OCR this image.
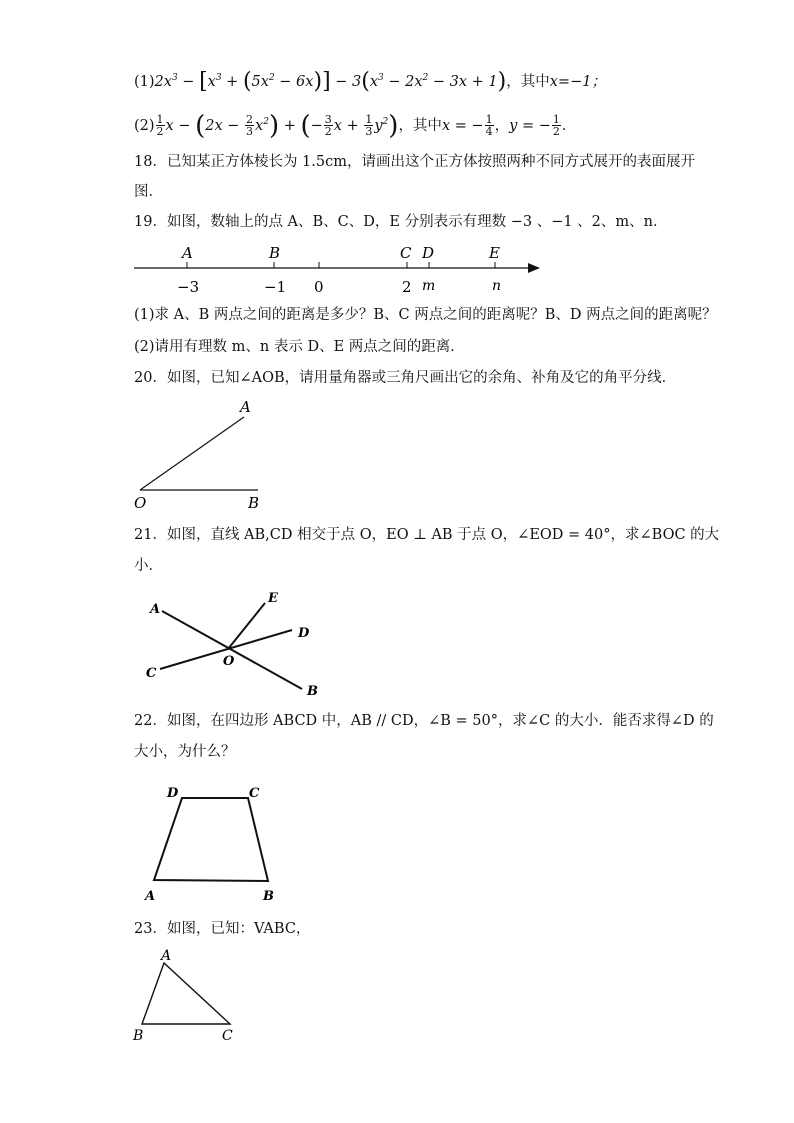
$(1)2x^3 - [x^3 + (5x^2 - 6x)] - 3(x^3 - 2x^2 - 3x + 1)$，其中x=−1；
$(2) \frac{1}{2}$ $x - (2x - \frac{2}{3} x^2)$ + (− $\frac{3}{2}$ $x + \frac{1}{3} y^2$)，其中x = − $\frac{1}{4}$ ，y = − $\frac{1}{2}$ ．
18．已知某正方体棱长为 1.5cm，请画出这个正方体按照两种不同方式展开的表面展开
图．
19．如图，数轴上的点 A、B、C、D，E 分别表示有理数 −3 、−1 、2、m、n．
A	B	C D	E
−3	−1 0	2 m	n
(1)求 A、B 两点之间的距离是多少？B、C 两点之间的距离呢？B、D 两点之间的距离呢？
(2)请用有理数 m、n 表示 D、E 两点之间的距离．
20．如图，已知∠AOB，请用量角器或三角尺画出它的余角、补角及它的角平分线．
A
O	B
21．如图，直线 AB,CD 相交于点 O，EO ⊥ AB 于点 O，∠EOD = 40°，求∠BOC 的大
小．
A
E
D
C
O
B
22．如图，在四边形 ABCD 中，AB // CD，∠B = 50°，求∠C 的大小．能否求得∠D 的
大小，为什么？
D	C
A	B
23．如图，已知：VABC，
A
B	C
